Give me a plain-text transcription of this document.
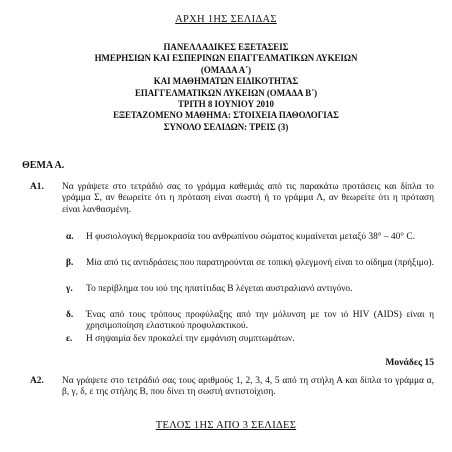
ΑΡΧΗ 1ΗΣ ΣΕΛΙΔΑΣ
ΠΑΝΕΛΛΑΔΙΚΕΣ ΕΞΕΤΑΣΕΙΣ
ΗΜΕΡΗΣΙΩΝ ΚΑΙ ΕΣΠΕΡΙΝΩΝ ΕΠΑΓΓΕΛΜΑΤΙΚΩΝ ΛΥΚΕΙΩΝ
(ΟΜΑΔΑ Α΄)
ΚΑΙ ΜΑΘΗΜΑΤΩΝ ΕΙΔΙΚΟΤΗΤΑΣ
ΕΠΑΓΓΕΛΜΑΤΙΚΩΝ ΛΥΚΕΙΩΝ (ΟΜΑΔΑ Β΄)
ΤΡΙΤΗ 8 ΙΟΥΝΙΟΥ 2010
ΕΞΕΤΑΖΟΜΕΝΟ ΜΑΘΗΜΑ: ΣΤΟΙΧΕΙΑ ΠΑΘΟΛΟΓΙΑΣ
ΣΥΝΟΛΟ ΣΕΛΙΔΩΝ: ΤΡΕΙΣ (3)
ΘΕΜΑ Α.
Α1. Να γράψετε στο τετράδιό σας το γράμμα καθεμιάς από τις παρακάτω προτάσεις και δίπλα το γράμμα Σ, αν θεωρείτε ότι η πρόταση είναι σωστή ή το γράμμα Λ, αν θεωρείτε ότι η πρόταση είναι λανθασμένη.
α. Η φυσιολογική θερμοκρασία του ανθρωπίνου σώματος κυμαίνεται μεταξύ 38° – 40° C.
β. Μία από τις αντιδράσεις που παρατηρούνται σε τοπική φλεγμονή είναι το οίδημα (πρήξιμο).
γ. Το περίβλημα του ιού της ηπατίτιδας Β λέγεται αυστραλιανό αντιγόνο.
δ. Ένας από τους τρόπους προφύλαξης από την μόλυνση με τον ιό HIV (AIDS) είναι η χρησιμοποίηση ελαστικού προφυλακτικού.
ε. Η σηψαιμία δεν προκαλεί την εμφάνιση συμπτωμάτων.
Μονάδες 15
Α2. Να γράψετε στο τετράδιό σας τους αριθμούς 1, 2, 3, 4, 5 από τη στήλη Α και δίπλα το γράμμα α, β, γ, δ, ε της στήλης Β, που δίνει τη σωστή αντιστοίχιση.
ΤΕΛΟΣ 1ΗΣ ΑΠΟ 3 ΣΕΛΙΔΕΣ
